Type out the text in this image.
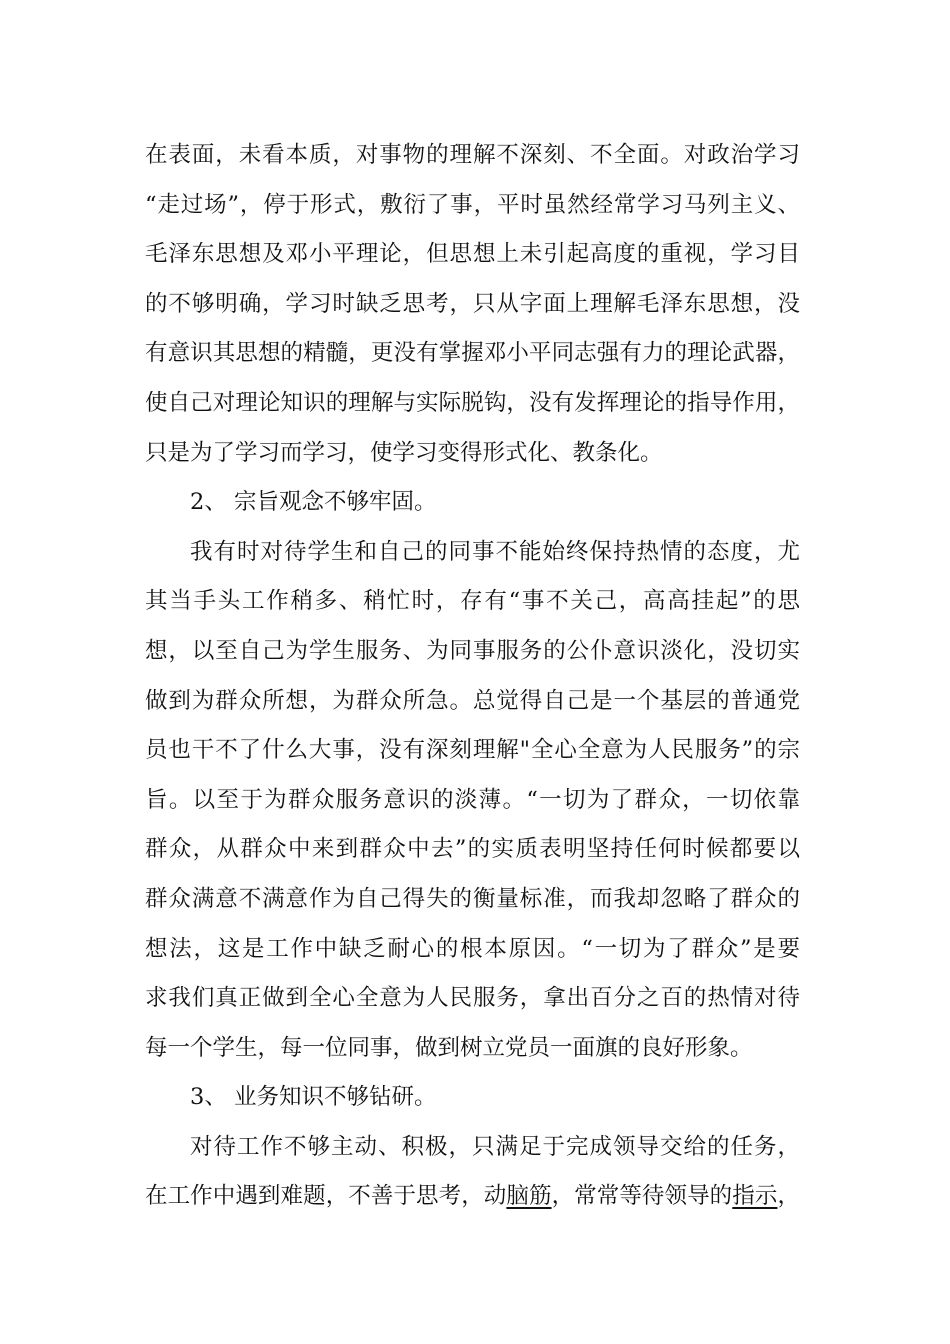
在表面，未看本质，对事物的理解不深刻、不全面。对政治学习
“走过场”，停于形式，敷衍了事，平时虽然经常学习马列主义、
毛泽东思想及邓小平理论，但思想上未引起高度的重视，学习目
的不够明确，学习时缺乏思考，只从字面上理解毛泽东思想，没
有意识其思想的精髓，更没有掌握邓小平同志强有力的理论武器，
使自己对理论知识的理解与实际脱钩，没有发挥理论的指导作用，
只是为了学习而学习，使学习变得形式化、教条化。
2、 宗旨观念不够牢固。
我有时对待学生和自己的同事不能始终保持热情的态度，尤
其当手头工作稍多、稍忙时，存有“事不关己，高高挂起”的思
想，以至自己为学生服务、为同事服务的公仆意识淡化，没切实
做到为群众所想，为群众所急。总觉得自己是一个基层的普通党
员也干不了什么大事，没有深刻理解"全心全意为人民服务”的宗
旨。以至于为群众服务意识的淡薄。“一切为了群众，一切依靠
群众，从群众中来到群众中去”的实质表明坚持任何时候都要以
群众满意不满意作为自己得失的衡量标准，而我却忽略了群众的
想法，这是工作中缺乏耐心的根本原因。“一切为了群众”是要
求我们真正做到全心全意为人民服务，拿出百分之百的热情对待
每一个学生，每一位同事，做到树立党员一面旗的良好形象。
3、 业务知识不够钻研。
对待工作不够主动、积极，只满足于完成领导交给的任务，
在工作中遇到难题，不善于思考，动脑筋，常常等待领导的指示，
